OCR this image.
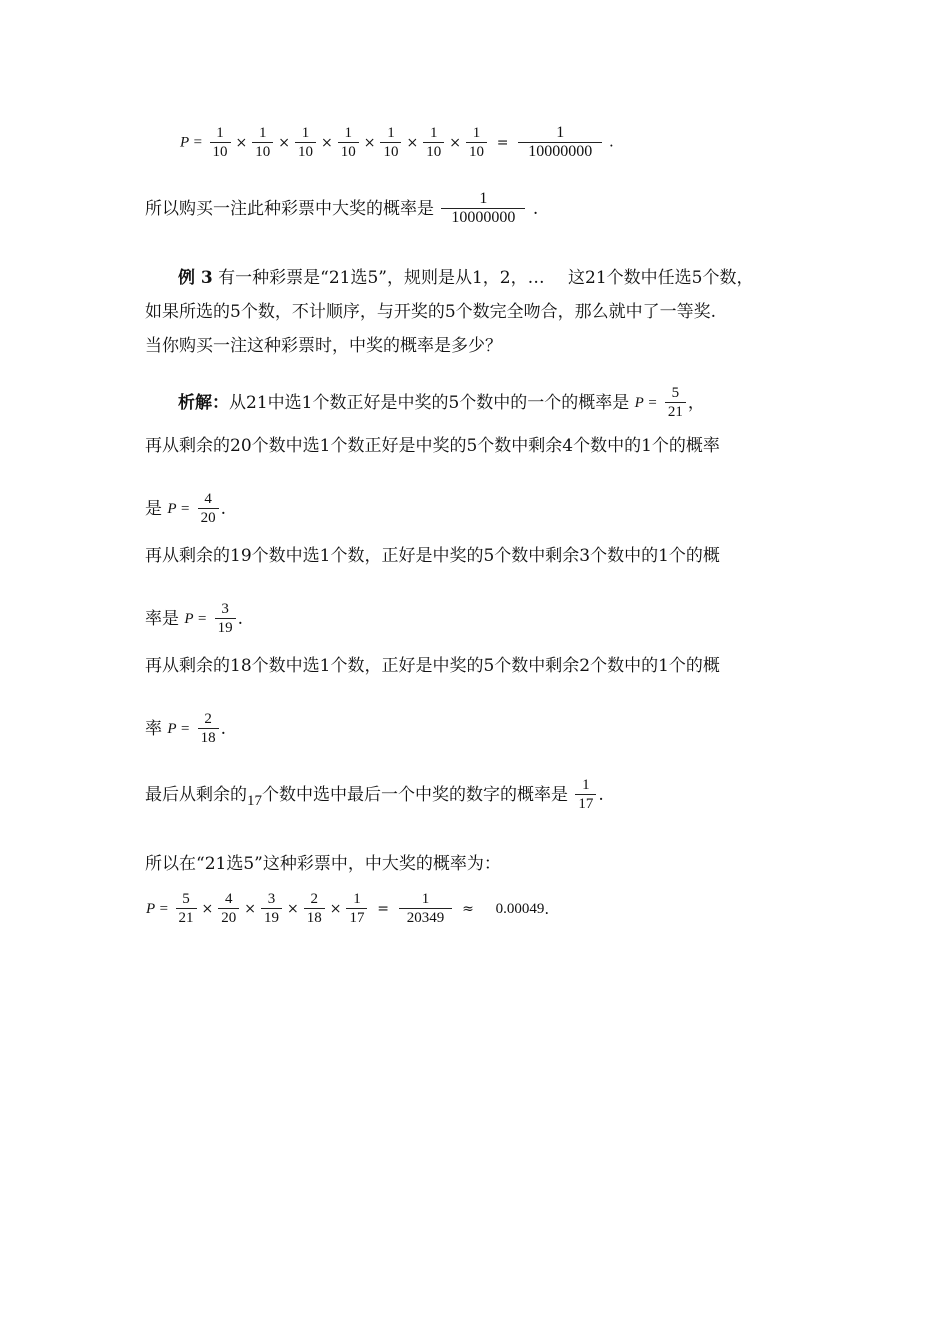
$P = \frac{1}{10} \times \frac{1}{10} \times \frac{1}{10} \times \frac{1}{10} \times \frac{1}{10} \times \frac{1}{10} \times \frac{1}{10} = \frac{1}{10000000}$ .
所以购买一注此种彩票中大奖的概率是 $\frac{1}{10000000}$ .
例 3 有一种彩票是“21选5”，规则是从1，2，… 这21个数中任选5个数，
如果所选的5个数，不计顺序，与开奖的5个数完全吻合，那么就中了一等奖.
当你购买一注这种彩票时，中奖的概率是多少？
析解：从21中选1个数正好是中奖的5个数中的一个的概率是 $P = \frac{5}{21}$ ，
再从剩余的20个数中选1个数正好是中奖的5个数中剩余4个数中的1个的概率
是 $P = \frac{4}{20}$ .
再从剩余的19个数中选1个数，正好是中奖的5个数中剩余3个数中的1个的概
率是 $P = \frac{3}{19}$ .
再从剩余的18个数中选1个数，正好是中奖的5个数中剩余2个数中的1个的概
率 $P = \frac{2}{18}$ .
最后从剩余的17个数中选中最后一个中奖的数字的概率是 $\frac{1}{17}$ .
所以在“21选5”这种彩票中，中大奖的概率为：
$P = \frac{5}{21} \times \frac{4}{20} \times \frac{3}{19} \times \frac{2}{18} \times \frac{1}{17} = \frac{1}{20349} \approx 0.00049$.
